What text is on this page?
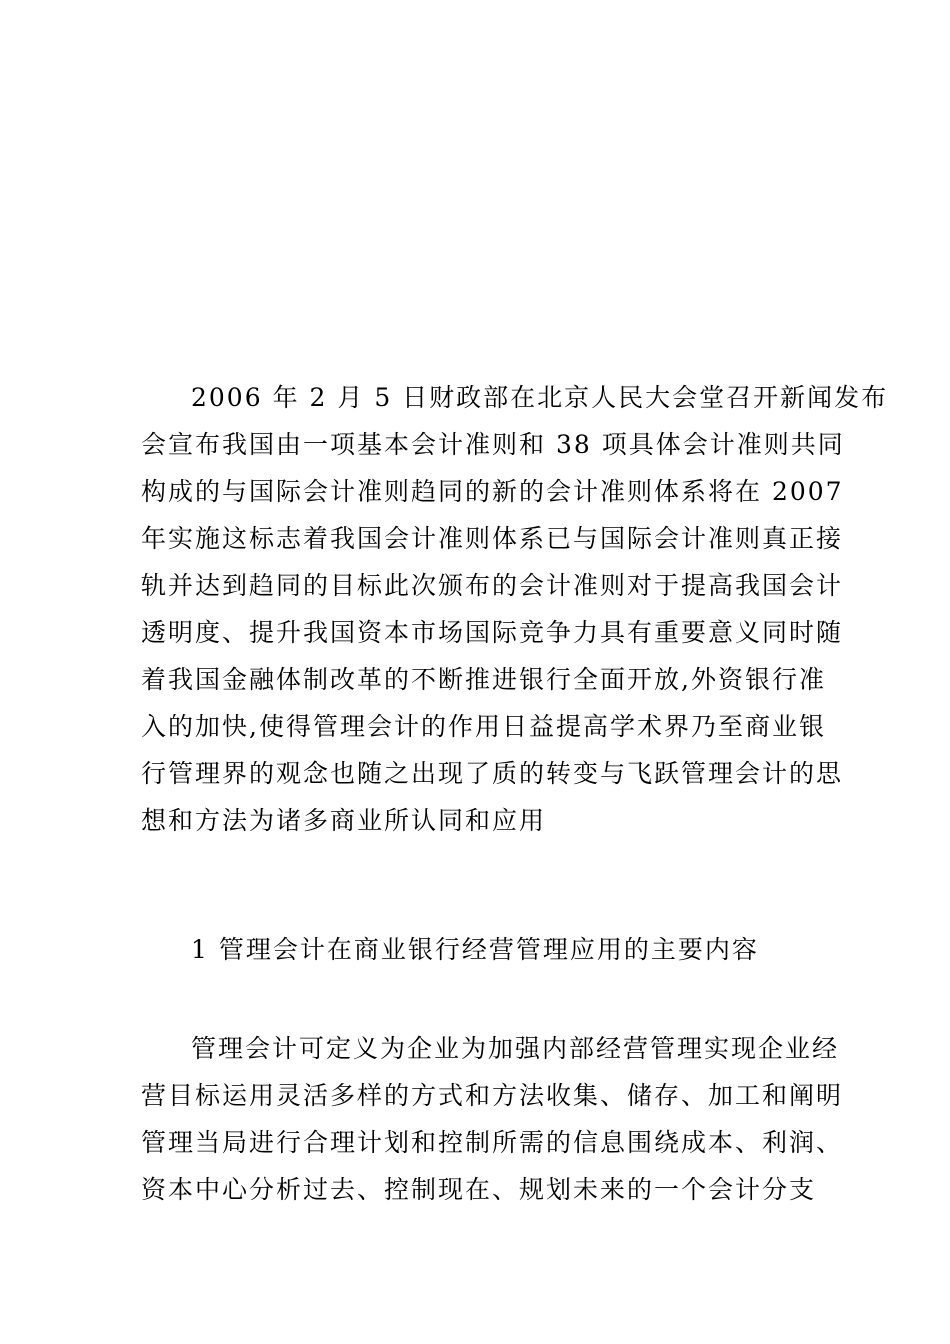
2006 年 2 月 5 日财政部在北京人民大会堂召开新闻发布
会宣布我国由一项基本会计准则和 38 项具体会计准则共同
构成的与国际会计准则趋同的新的会计准则体系将在 2007
年实施这标志着我国会计准则体系已与国际会计准则真正接
轨并达到趋同的目标此次颁布的会计准则对于提高我国会计
透明度、提升我国资本市场国际竞争力具有重要意义同时随
着我国金融体制改革的不断推进银行全面开放,外资银行准
入的加快,使得管理会计的作用日益提高学术界乃至商业银
行管理界的观念也随之出现了质的转变与飞跃管理会计的思
想和方法为诸多商业所认同和应用
1 管理会计在商业银行经营管理应用的主要内容
管理会计可定义为企业为加强内部经营管理实现企业经
营目标运用灵活多样的方式和方法收集、储存、加工和阐明
管理当局进行合理计划和控制所需的信息围绕成本、利润、
资本中心分析过去、控制现在、规划未来的一个会计分支
